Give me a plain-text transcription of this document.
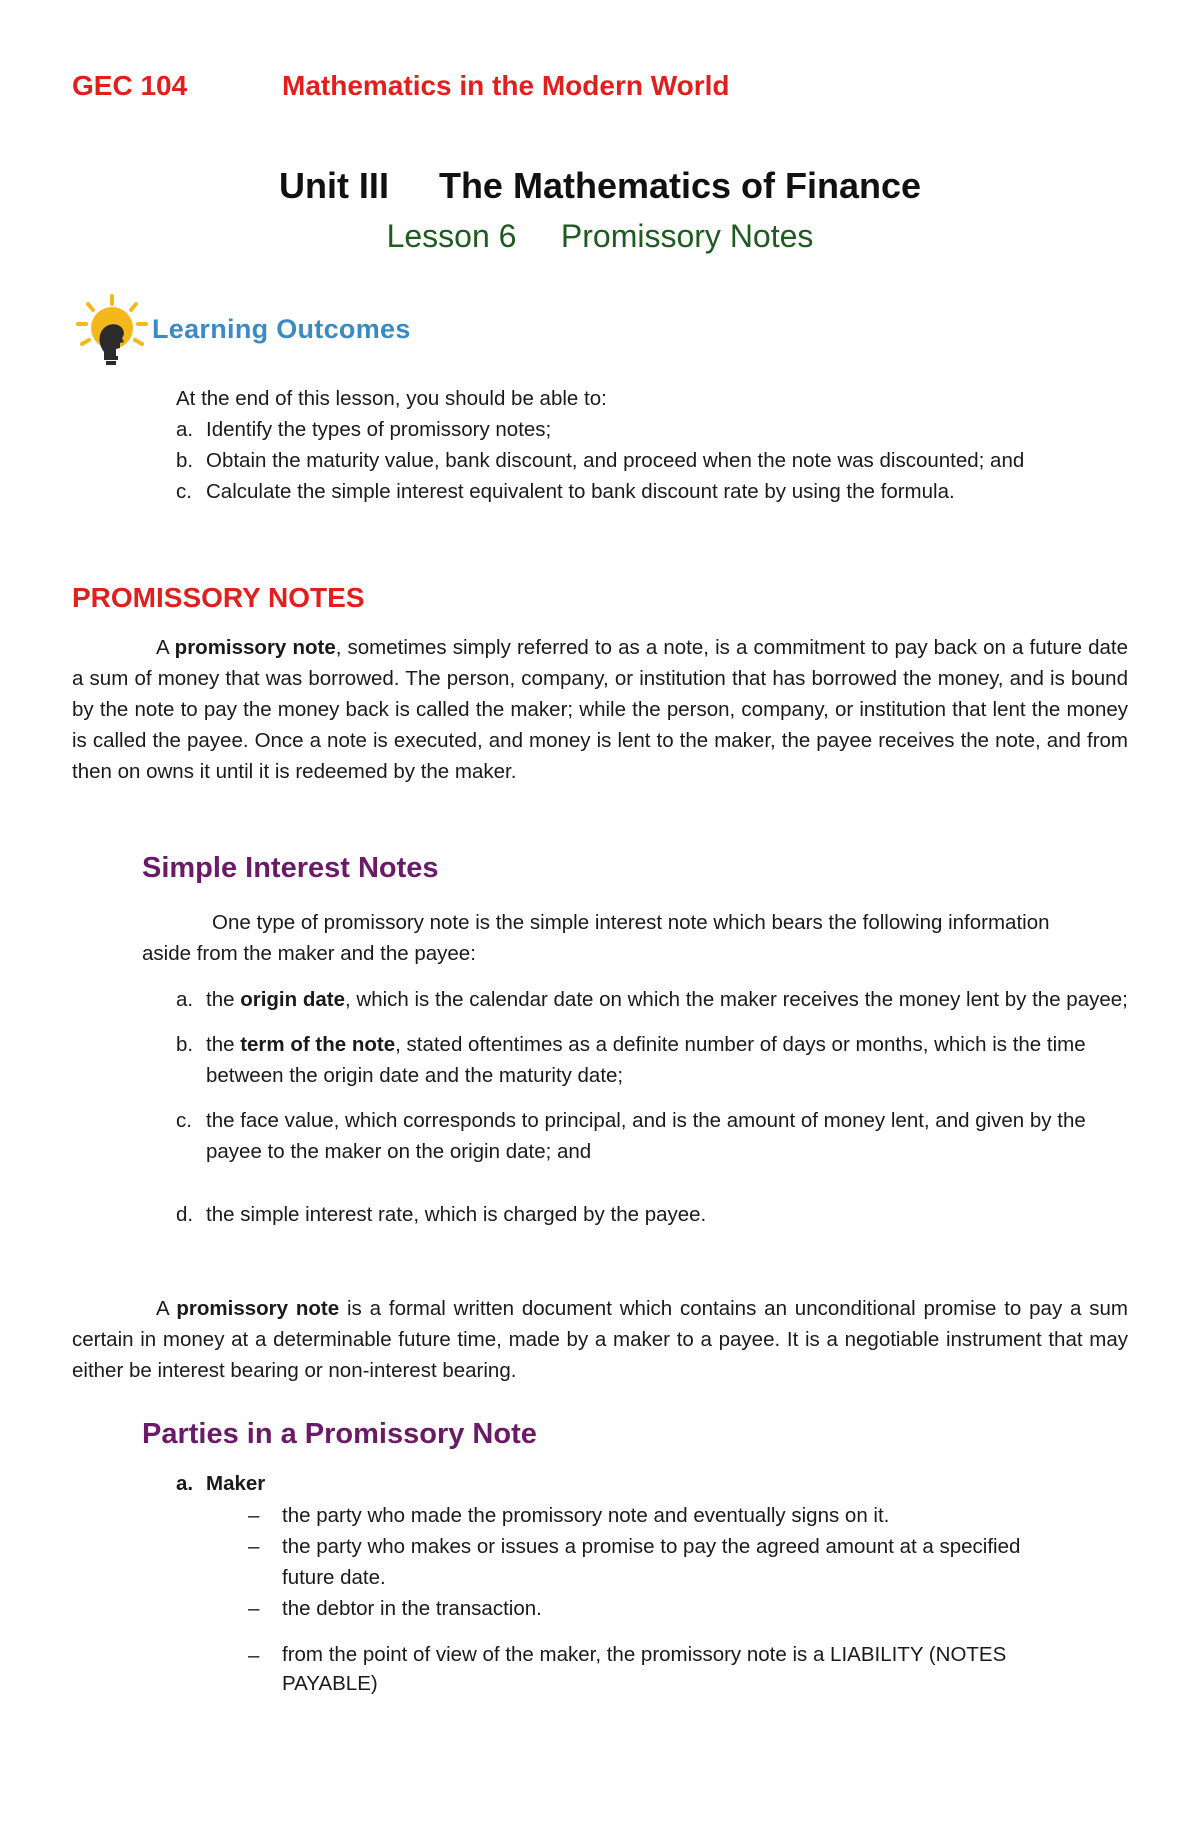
GEC 104	Mathematics in the Modern World
Unit III     The Mathematics of Finance
Lesson 6     Promissory Notes
Learning Outcomes
At the end of this lesson, you should be able to:
a. Identify the types of promissory notes;
b. Obtain the maturity value, bank discount, and proceed when the note was discounted; and
c. Calculate the simple interest equivalent to bank discount rate by using the formula.
PROMISSORY NOTES
A promissory note, sometimes simply referred to as a note, is a commitment to pay back on a future date a sum of money that was borrowed. The person, company, or institution that has borrowed the money, and is bound by the note to pay the money back is called the maker; while the person, company, or institution that lent the money is called the payee. Once a note is executed, and money is lent to the maker, the payee receives the note, and from then on owns it until it is redeemed by the maker.
Simple Interest Notes
One type of promissory note is the simple interest note which bears the following information aside from the maker and the payee:
a. the origin date, which is the calendar date on which the maker receives the money lent by the payee;
b. the term of the note, stated oftentimes as a definite number of days or months, which is the time between the origin date and the maturity date;
c. the face value, which corresponds to principal, and is the amount of money lent, and given by the payee to the maker on the origin date; and
d. the simple interest rate, which is charged by the payee.
A promissory note is a formal written document which contains an unconditional promise to pay a sum certain in money at a determinable future time, made by a maker to a payee. It is a negotiable instrument that may either be interest bearing or non-interest bearing.
Parties in a Promissory Note
a. Maker
–	the party who made the promissory note and eventually signs on it.
–	the party who makes or issues a promise to pay the agreed amount at a specified future date.
–	the debtor in the transaction.
–	from the point of view of the maker, the promissory note is a LIABILITY (NOTES PAYABLE)
